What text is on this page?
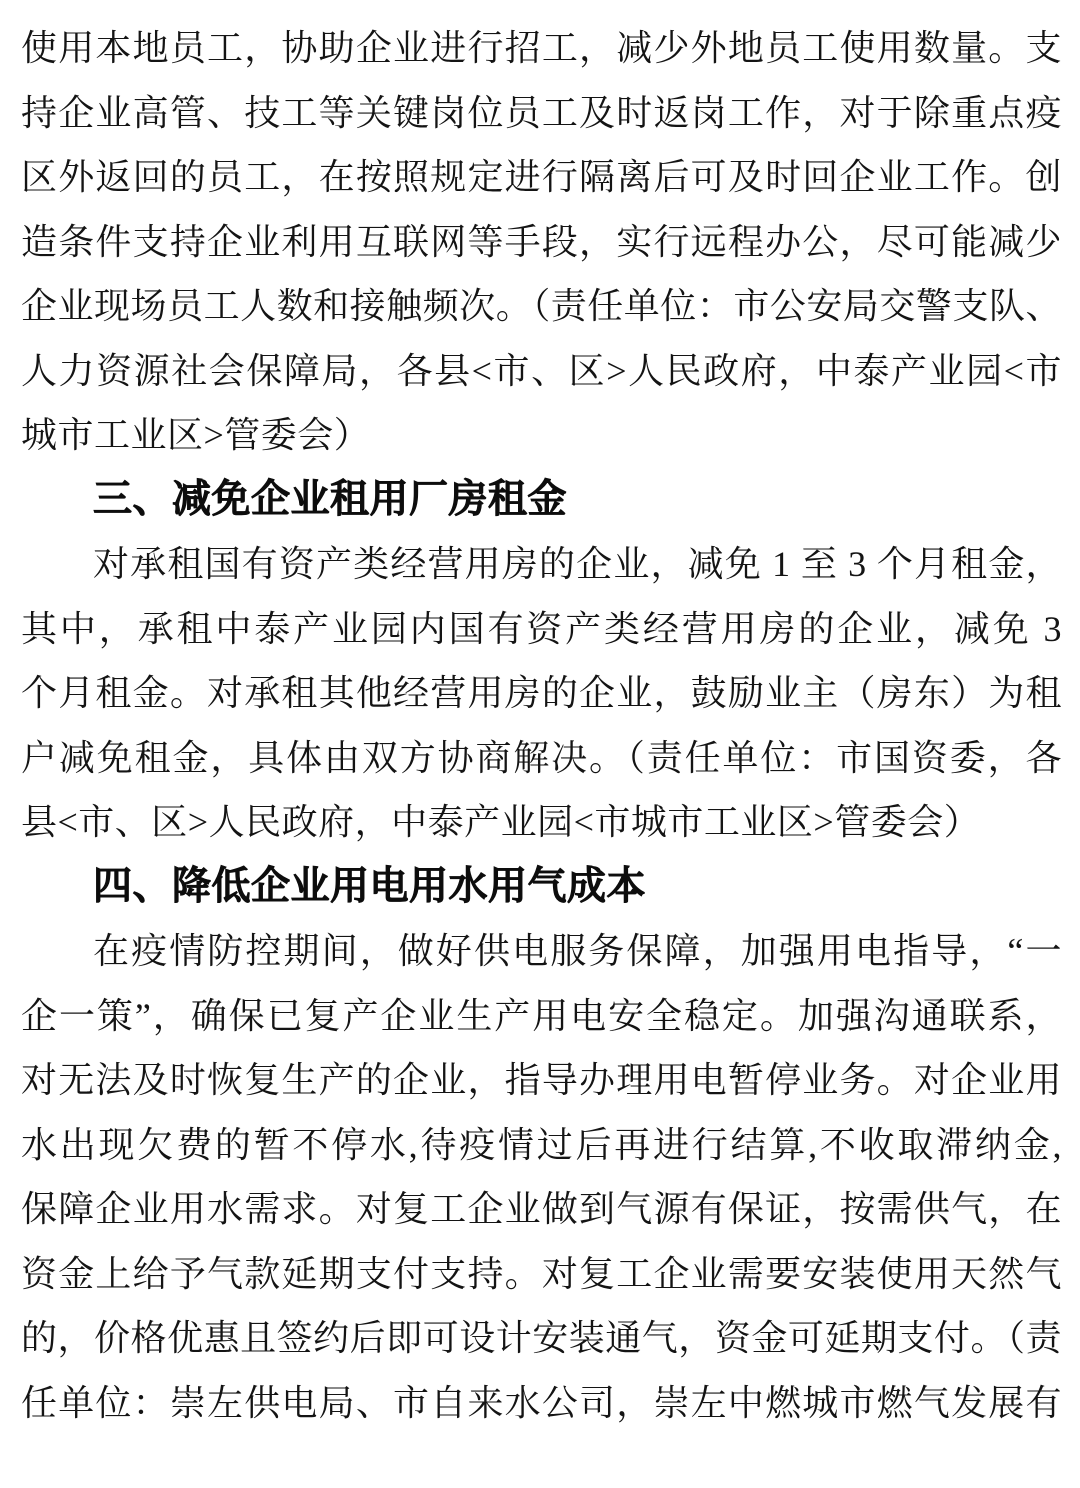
使用本地员工，协助企业进行招工，减少外地员工使用数量。支
持企业高管、技工等关键岗位员工及时返岗工作，对于除重点疫
区外返回的员工，在按照规定进行隔离后可及时回企业工作。创
造条件支持企业利用互联网等手段，实行远程办公，尽可能减少
企业现场员工人数和接触频次。（责任单位：市公安局交警支队、
人力资源社会保障局，各县<市、区>人民政府，中泰产业园<市
城市工业区>管委会）
三、减免企业租用厂房租金
对承租国有资产类经营用房的企业，减免 1 至 3 个月租金，
其中，承租中泰产业园内国有资产类经营用房的企业，减免 3
个月租金。对承租其他经营用房的企业，鼓励业主（房东）为租
户减免租金，具体由双方协商解决。（责任单位：市国资委，各
县<市、区>人民政府，中泰产业园<市城市工业区>管委会）
四、降低企业用电用水用气成本
在疫情防控期间，做好供电服务保障，加强用电指导，“一
企一策”，确保已复产企业生产用电安全稳定。加强沟通联系，
对无法及时恢复生产的企业，指导办理用电暂停业务。对企业用
水出现欠费的暂不停水,待疫情过后再进行结算,不收取滞纳金,
保障企业用水需求。对复工企业做到气源有保证，按需供气，在
资金上给予气款延期支付支持。对复工企业需要安装使用天然气
的，价格优惠且签约后即可设计安装通气，资金可延期支付。（责
任单位：崇左供电局、市自来水公司，崇左中燃城市燃气发展有
